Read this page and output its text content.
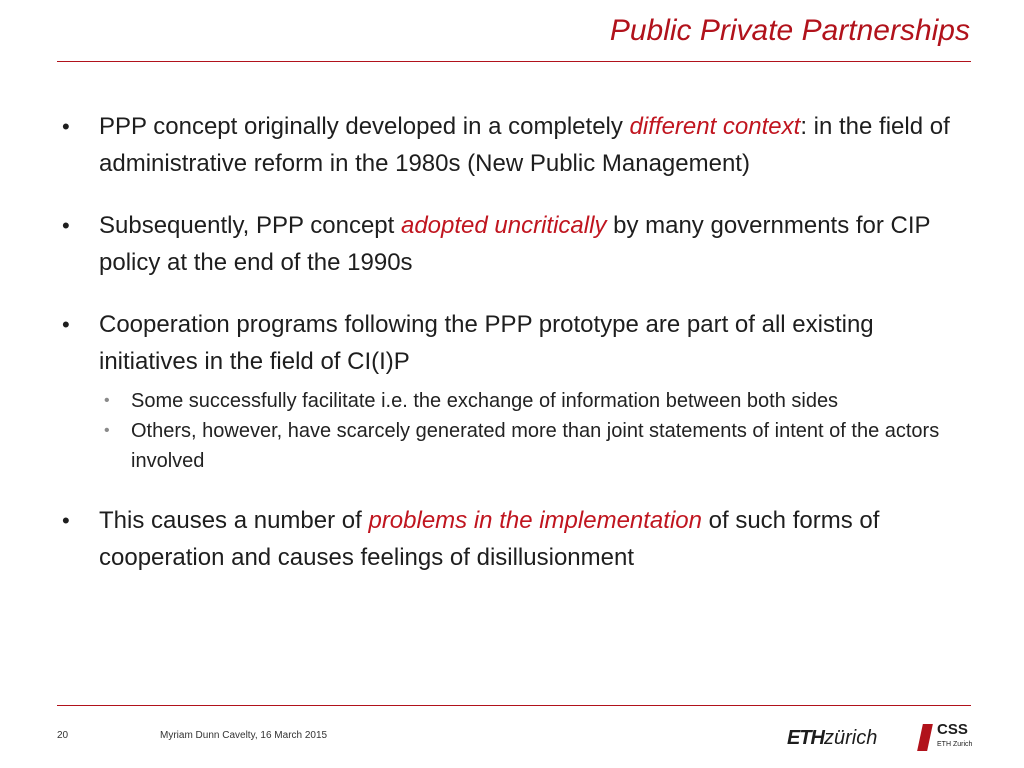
Public Private Partnerships
• PPP concept originally developed in a completely different context: in the field of administrative reform in the 1980s (New Public Management)
• Subsequently, PPP concept adopted uncritically by many governments for CIP policy at the end of the 1990s
• Cooperation programs following the PPP prototype are part of all existing initiatives in the field of CI(I)P
• Some successfully facilitate i.e. the exchange of information between both sides
• Others, however, have scarcely generated more than joint statements of intent of the actors involved
• This causes a number of problems in the implementation of such forms of cooperation and causes feelings of disillusionment
20	Myriam Dunn Cavelty, 16 March 2015	ETHzürich	CSS
ETH Zurich
